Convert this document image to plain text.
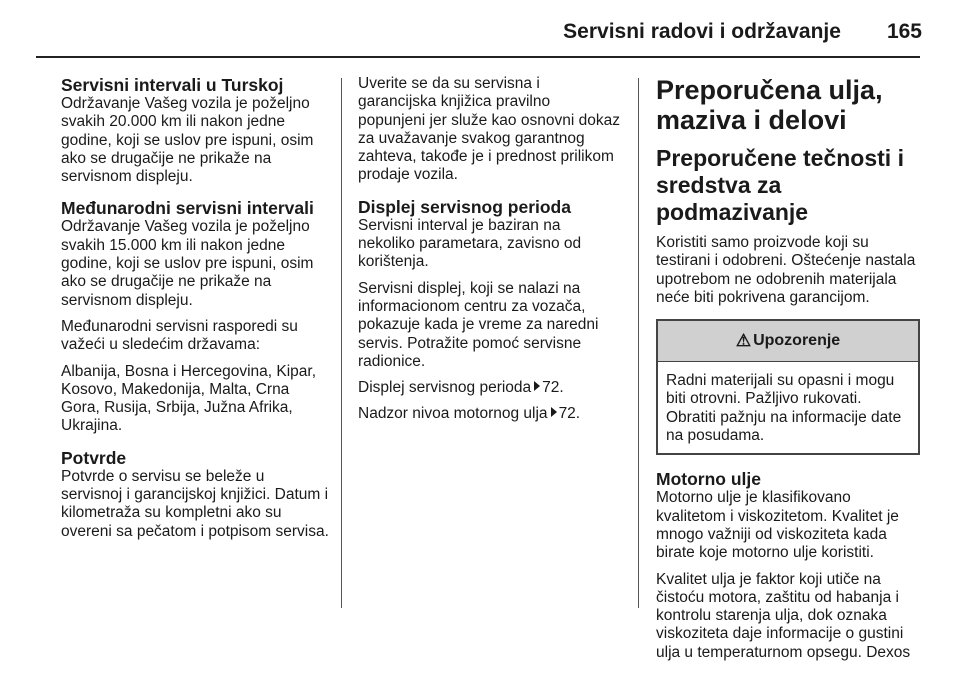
Servisni radovi i održavanje 165
Servisni intervali u Turskoj

Održavanje Vašeg vozila je poželjno svakih 20.000 km ili nakon jedne godine, koji se uslov pre ispuni, osim ako se drugačije ne prikaže na servisnom displeju.

Međunarodni servisni intervali

Održavanje Vašeg vozila je poželjno svakih 15.000 km ili nakon jedne godine, koji se uslov pre ispuni, osim ako se drugačije ne prikaže na servisnom displeju.

Međunarodni servisni rasporedi su važeći u sledećim državama:

Albanija, Bosna i Hercegovina, Kipar, Kosovo, Makedonija, Malta, Crna Gora, Rusija, Srbija, Južna Afrika, Ukrajina.

Potvrde

Potvrde o servisu se beleže u servisnoj i garancijskoj knjižici. Datum i kilometraža su kompletni ako su overeni sa pečatom i potpisom servisa.

Uverite se da su servisna i garancijska knjižica pravilno popunjeni jer služe kao osnovni dokaz za uvažavanje svakog garantnog zahteva, takođe je i prednost prilikom prodaje vozila.

Displej servisnog perioda

Servisni interval je baziran na nekoliko parametara, zavisno od korištenja.

Servisni displej, koji se nalazi na informacionom centru za vozača, pokazuje kada je vreme za naredni servis. Potražite pomoć servisne radionice.

Displej servisnog perioda 72.

Nadzor nivoa motornog ulja 72.

Preporučena ulja, maziva i delovi
Preporučene tečnosti i sredstva za podmazivanje

Koristiti samo proizvode koji su testirani i odobreni. Oštećenje nastala upotrebom ne odobrenih materijala neće biti pokrivena garancijom.

⚠ Upozorenje
Radni materijali su opasni i mogu biti otrovni. Pažljivo rukovati. Obratiti pažnju na informacije date na posudama.
Motorno ulje

Motorno ulje je klasifikovano kvalitetom i viskozitetom. Kvalitet je mnogo važniji od viskoziteta kada birate koje motorno ulje koristiti.

Kvalitet ulja je faktor koji utiče na čistoću motora, zaštitu od habanja i kontrolu starenja ulja, dok oznaka viskoziteta daje informacije o gustini ulja u temperaturnom opsegu. Dexos
